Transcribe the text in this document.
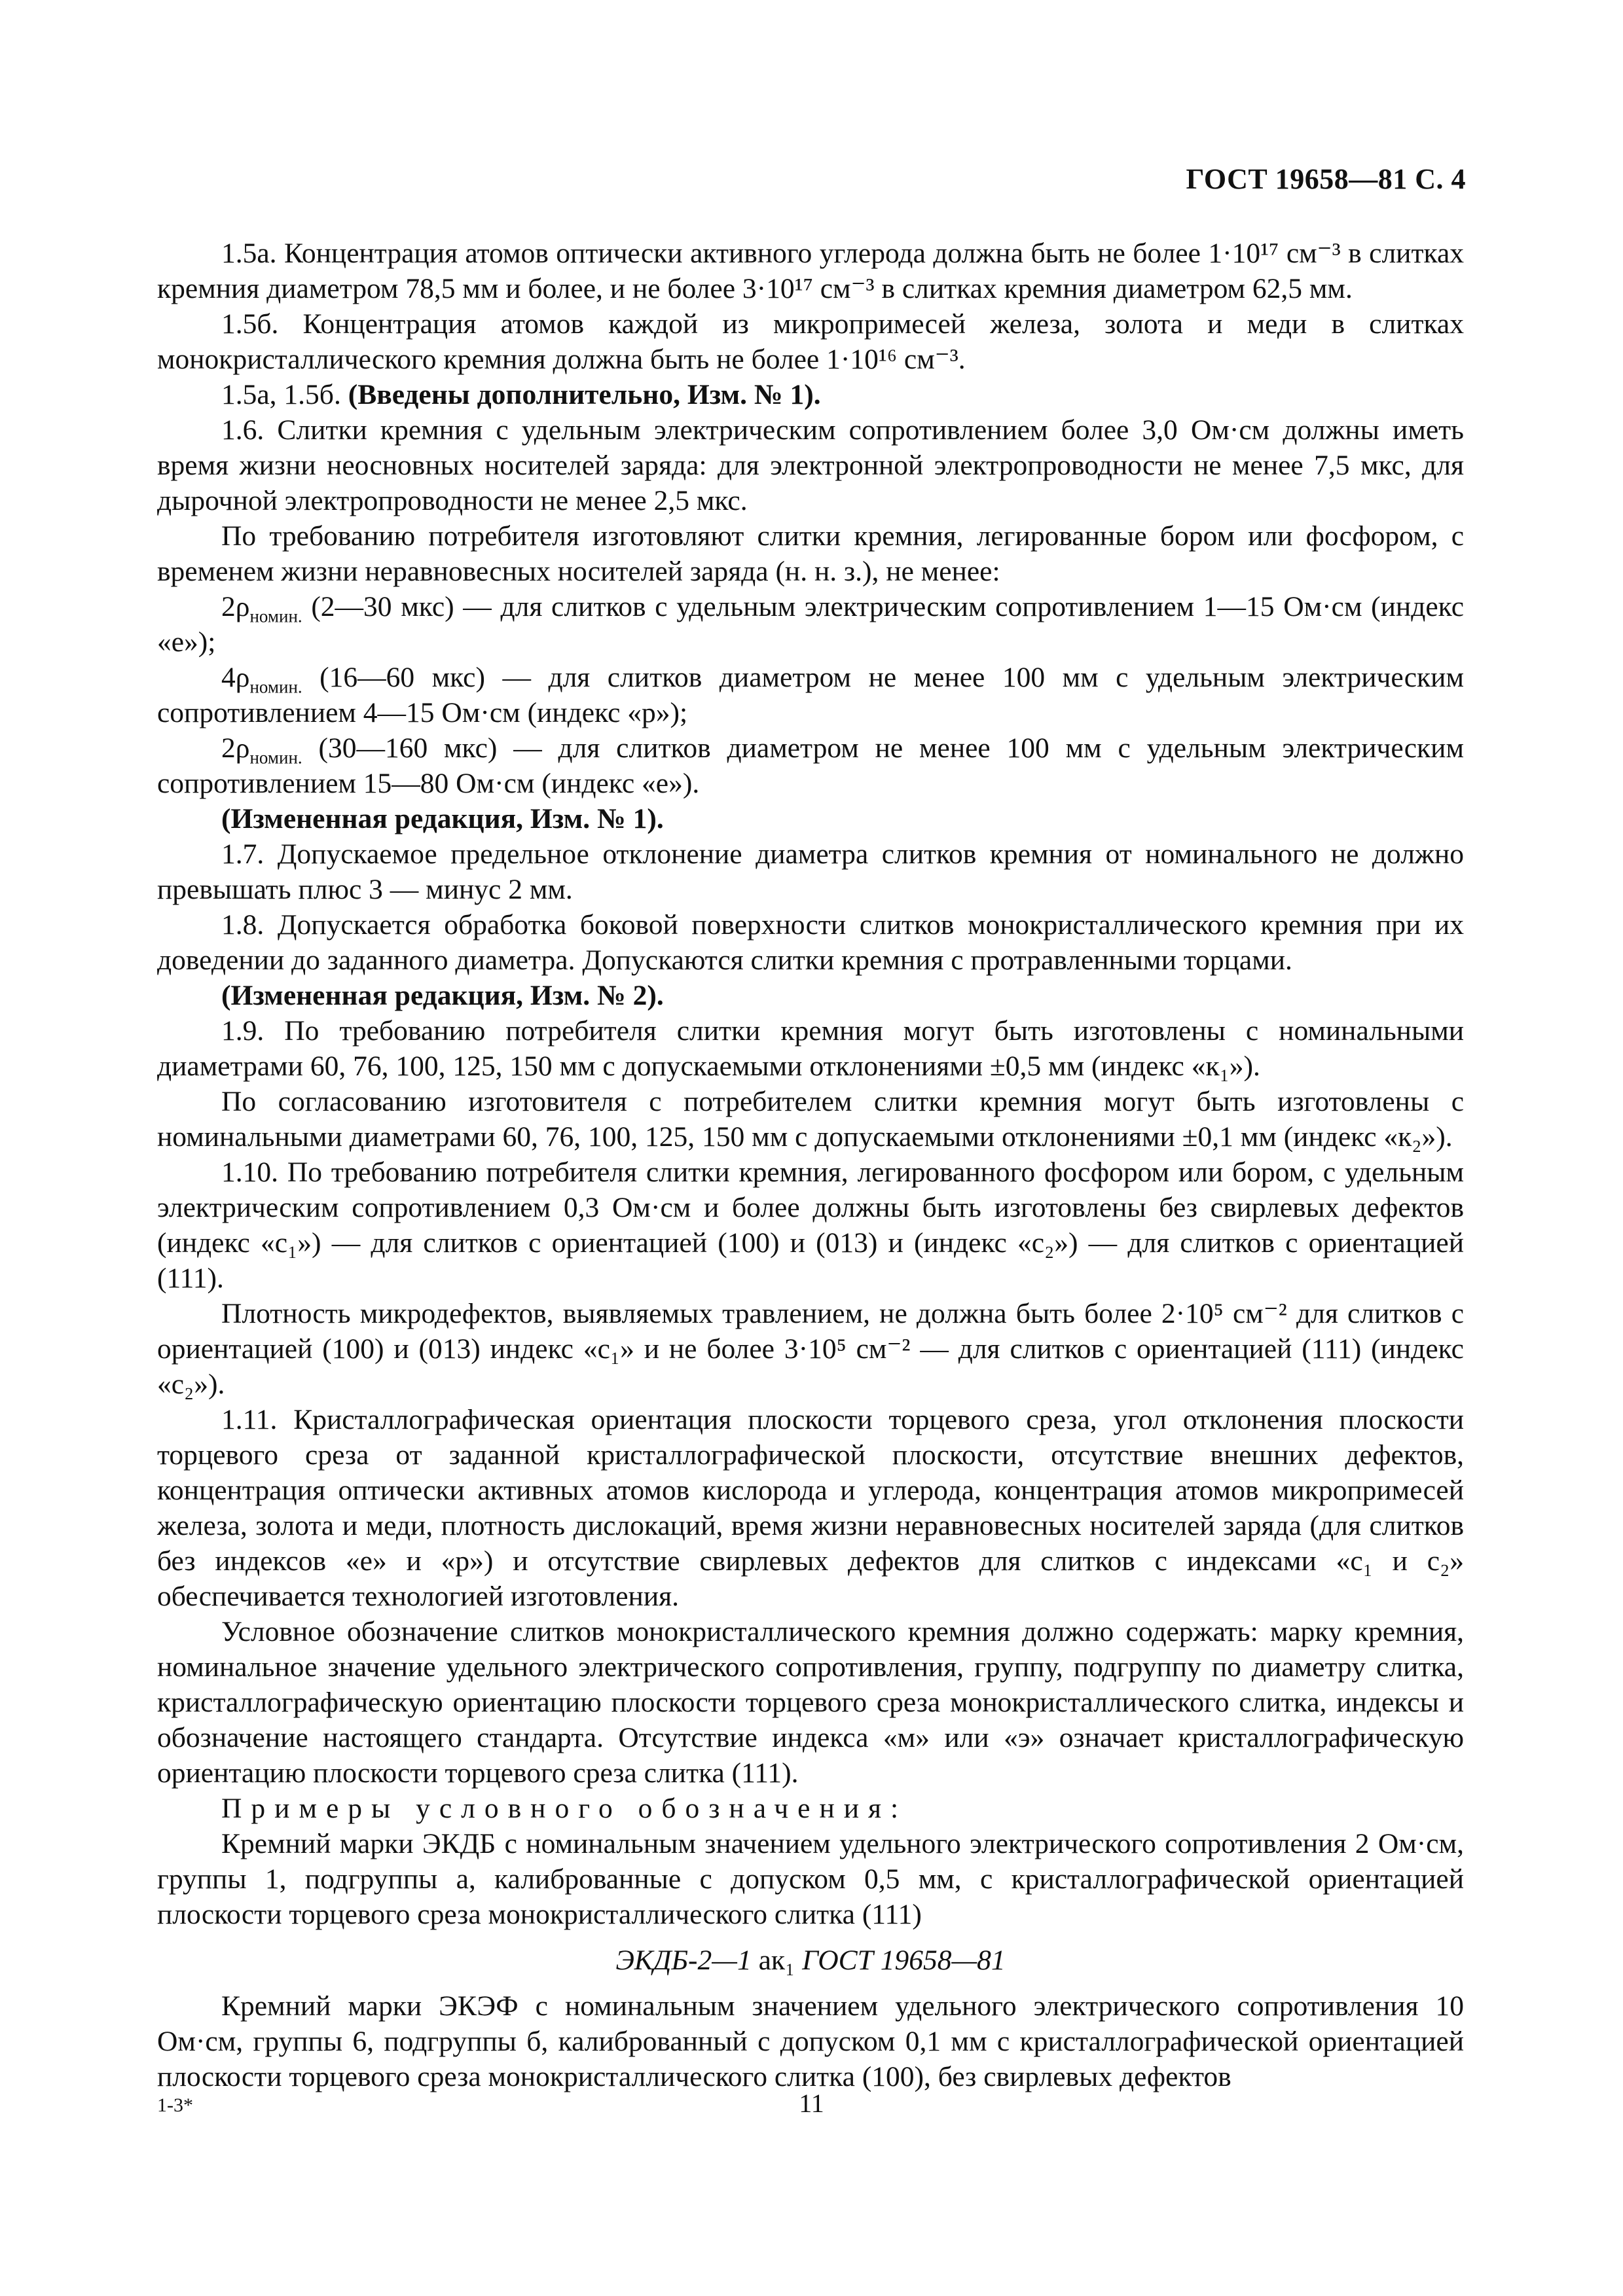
ГОСТ 19658—81 С. 4

1.5а. Концентрация атомов оптически активного углерода должна быть не более 1·10¹⁷ см⁻³ в слитках кремния диаметром 78,5 мм и более, и не более 3·10¹⁷ см⁻³ в слитках кремния диаметром 62,5 мм.

1.5б. Концентрация атомов каждой из микропримесей железа, золота и меди в слитках монокристаллического кремния должна быть не более 1·10¹⁶ см⁻³.

1.5а, 1.5б. (Введены дополнительно, Изм. № 1).

1.6. Слитки кремния с удельным электрическим сопротивлением более 3,0 Ом·см должны иметь время жизни неосновных носителей заряда: для электронной электропроводности не менее 7,5 мкс, для дырочной электропроводности не менее 2,5 мкс.

По требованию потребителя изготовляют слитки кремния, легированные бором или фосфором, с временем жизни неравновесных носителей заряда (н. н. з.), не менее:

$2\rho_{номин.}$ (2—30 мкс) — для слитков с удельным электрическим сопротивлением 1—15 Ом·см (индекс «е»);

$4\rho_{номин.}$ (16—60 мкс) — для слитков диаметром не менее 100 мм с удельным электрическим сопротивлением 4—15 Ом·см (индекс «р»);

$2\rho_{номин.}$ (30—160 мкс) — для слитков диаметром не менее 100 мм с удельным электрическим сопротивлением 15—80 Ом·см (индекс «е»).

(Измененная редакция, Изм. № 1).

1.7. Допускаемое предельное отклонение диаметра слитков кремния от номинального не должно превышать плюс 3 — минус 2 мм.

1.8. Допускается обработка боковой поверхности слитков монокристаллического кремния при их доведении до заданного диаметра. Допускаются слитки кремния с протравленными торцами.

(Измененная редакция, Изм. № 2).

1.9. По требованию потребителя слитки кремния могут быть изготовлены с номинальными диаметрами 60, 76, 100, 125, 150 мм с допускаемыми отклонениями ±0,5 мм (индекс «к₁»).

По согласованию изготовителя с потребителем слитки кремния могут быть изготовлены с номинальными диаметрами 60, 76, 100, 125, 150 мм с допускаемыми отклонениями ±0,1 мм (индекс «к₂»).

1.10. По требованию потребителя слитки кремния, легированного фосфором или бором, с удельным электрическим сопротивлением 0,3 Ом·см и более должны быть изготовлены без свирлевых дефектов (индекс «с₁») — для слитков с ориентацией (100) и (013) и (индекс «с₂») — для слитков с ориентацией (111).

Плотность микродефектов, выявляемых травлением, не должна быть более 2·10⁵ см⁻² для слитков с ориентацией (100) и (013) индекс «с₁» и не более 3·10⁵ см⁻² — для слитков с ориентацией (111) (индекс «с₂»).

1.11. Кристаллографическая ориентация плоскости торцевого среза, угол отклонения плоскости торцевого среза от заданной кристаллографической плоскости, отсутствие внешних дефектов, концентрация оптически активных атомов кислорода и углерода, концентрация атомов микропримесей железа, золота и меди, плотность дислокаций, время жизни неравновесных носителей заряда (для слитков без индексов «е» и «р») и отсутствие свирлевых дефектов для слитков с индексами «с₁ и с₂» обеспечивается технологией изготовления.

Условное обозначение слитков монокристаллического кремния должно содержать: марку кремния, номинальное значение удельного электрического сопротивления, группу, подгруппу по диаметру слитка, кристаллографическую ориентацию плоскости торцевого среза монокристаллического слитка, индексы и обозначение настоящего стандарта. Отсутствие индекса «м» или «э» означает кристаллографическую ориентацию плоскости торцевого среза слитка (111).

Примеры условного обозначения:

Кремний марки ЭКДБ с номинальным значением удельного электрического сопротивления 2 Ом·см, группы 1, подгруппы а, калиброванные с допуском 0,5 мм, с кристаллографической ориентацией плоскости торцевого среза монокристаллического слитка (111)

ЭКДБ-2—1 ак₁ ГОСТ 19658—81

Кремний марки ЭКЭФ с номинальным значением удельного электрического сопротивления 10 Ом·см, группы 6, подгруппы б, калиброванный с допуском 0,1 мм с кристаллографической ориентацией плоскости торцевого среза монокристаллического слитка (100), без свирлевых дефектов

1-3*	11
